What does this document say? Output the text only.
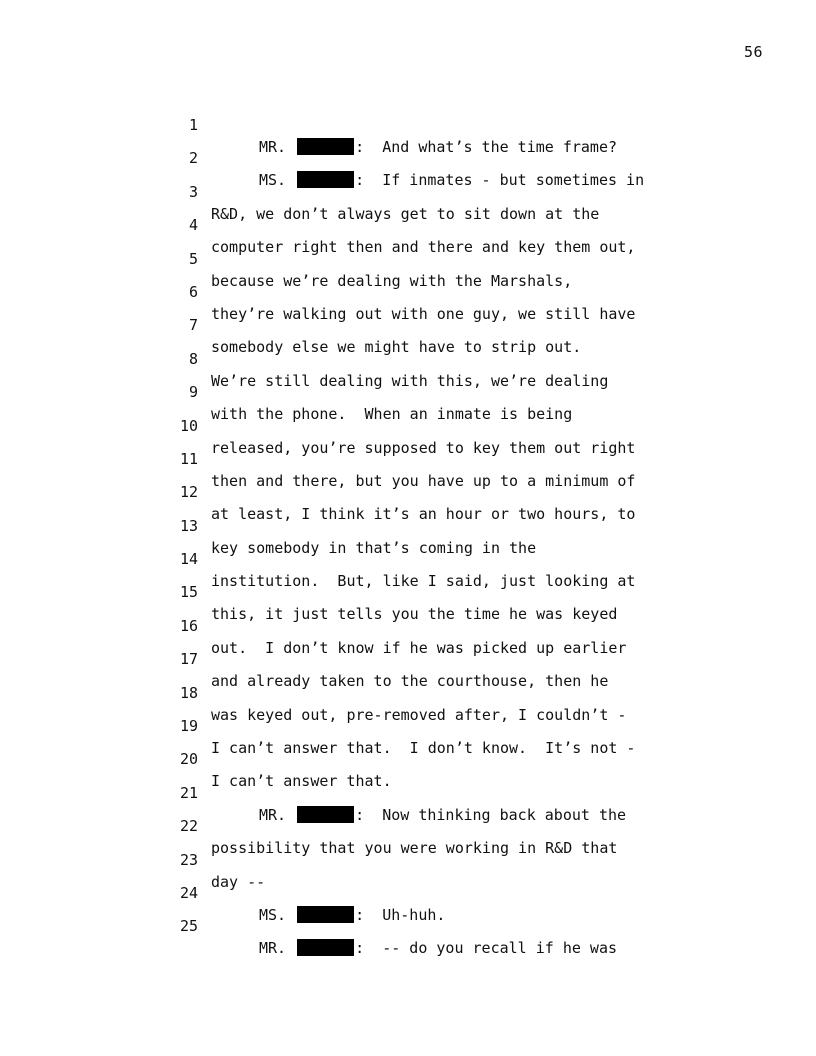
56

1

MR.	:  And what’s the time frame?

2

MS.	:  If inmates - but sometimes in

3

R&D, we don’t always get to sit down at the

4

computer right then and there and key them out,

5

because we’re dealing with the Marshals,

6

they’re walking out with one guy, we still have

7

somebody else we might have to strip out.

8

We’re still dealing with this, we’re dealing

9

with the phone.  When an inmate is being

10

released, you’re supposed to key them out right

11

then and there, but you have up to a minimum of

12

at least, I think it’s an hour or two hours, to

13

key somebody in that’s coming in the

14

institution.  But, like I said, just looking at

15

this, it just tells you the time he was keyed

16

out.  I don’t know if he was picked up earlier

17

and already taken to the courthouse, then he

18

was keyed out, pre-removed after, I couldn’t -

19

I can’t answer that.  I don’t know.  It’s not -

20

I can’t answer that.

21

MR.	:  Now thinking back about the

22

possibility that you were working in R&D that

23

day --

24

MS.	:  Uh-huh.

25

MR.	:  -- do you recall if he was
